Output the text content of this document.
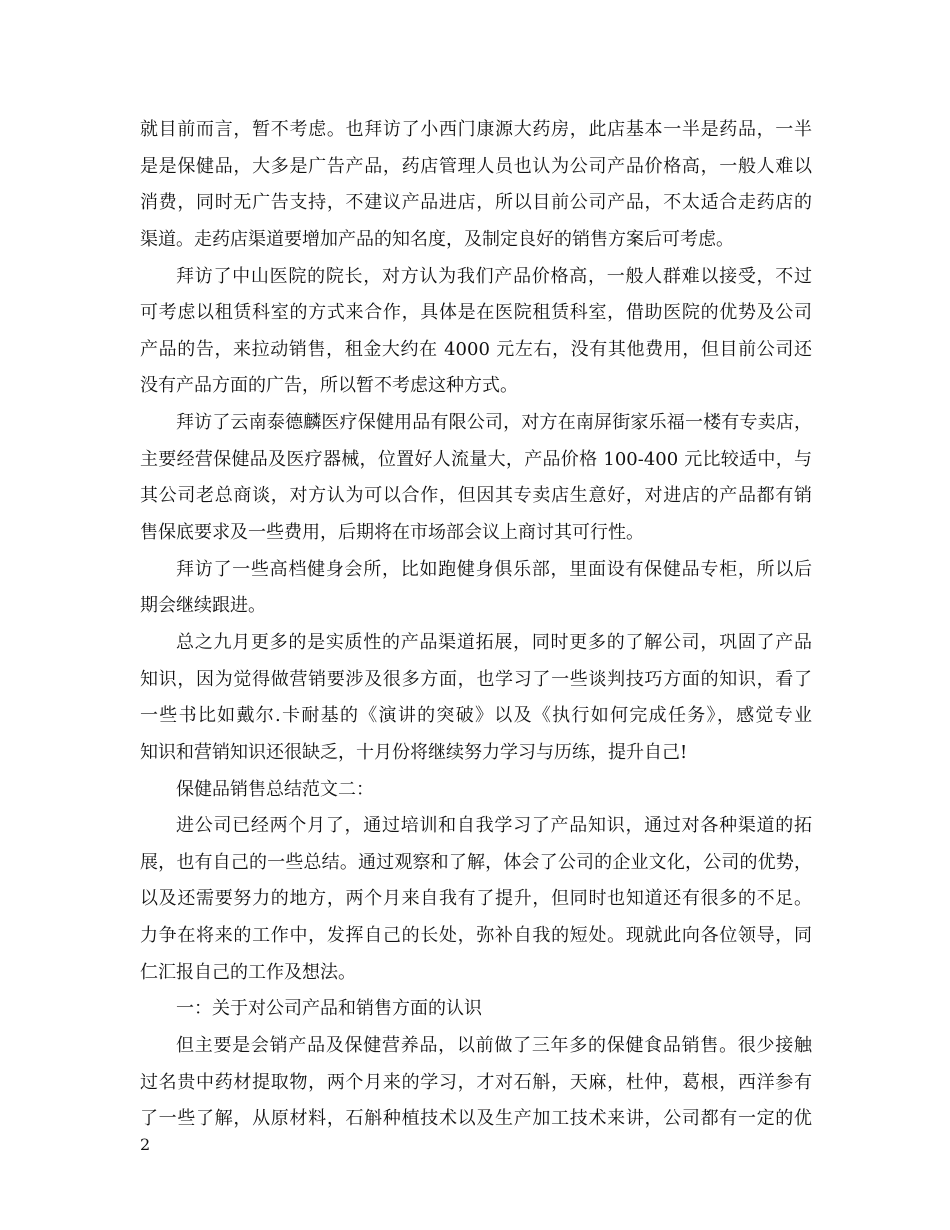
就目前而言，暂不考虑。也拜访了小西门康源大药房，此店基本一半是药品，一半
是是保健品，大多是广告产品，药店管理人员也认为公司产品价格高，一般人难以
消费，同时无广告支持，不建议产品进店，所以目前公司产品，不太适合走药店的
渠道。走药店渠道要增加产品的知名度，及制定良好的销售方案后可考虑。
拜访了中山医院的院长，对方认为我们产品价格高，一般人群难以接受，不过
可考虑以租赁科室的方式来合作，具体是在医院租赁科室，借助医院的优势及公司
产品的告，来拉动销售，租金大约在 4000 元左右，没有其他费用，但目前公司还
没有产品方面的广告，所以暂不考虑这种方式。
拜访了云南泰德麟医疗保健用品有限公司，对方在南屏街家乐福一楼有专卖店，
主要经营保健品及医疗器械，位置好人流量大，产品价格 100-400 元比较适中，与
其公司老总商谈，对方认为可以合作，但因其专卖店生意好，对进店的产品都有销
售保底要求及一些费用，后期将在市场部会议上商讨其可行性。
拜访了一些高档健身会所，比如跑健身俱乐部，里面设有保健品专柜，所以后
期会继续跟进。
总之九月更多的是实质性的产品渠道拓展，同时更多的了解公司，巩固了产品
知识，因为觉得做营销要涉及很多方面，也学习了一些谈判技巧方面的知识，看了
一些书比如戴尔.卡耐基的《演讲的突破》以及《执行如何完成任务》，感觉专业
知识和营销知识还很缺乏，十月份将继续努力学习与历练，提升自己!
保健品销售总结范文二：
进公司已经两个月了，通过培训和自我学习了产品知识，通过对各种渠道的拓
展，也有自己的一些总结。通过观察和了解，体会了公司的企业文化，公司的优势，
以及还需要努力的地方，两个月来自我有了提升，但同时也知道还有很多的不足。
力争在将来的工作中，发挥自己的长处，弥补自我的短处。现就此向各位领导，同
仁汇报自己的工作及想法。
一：关于对公司产品和销售方面的认识
但主要是会销产品及保健营养品，以前做了三年多的保健食品销售。很少接触
过名贵中药材提取物，两个月来的学习，才对石斛，天麻，杜仲，葛根，西洋参有
了一些了解，从原材料，石斛种植技术以及生产加工技术来讲，公司都有一定的优
2
